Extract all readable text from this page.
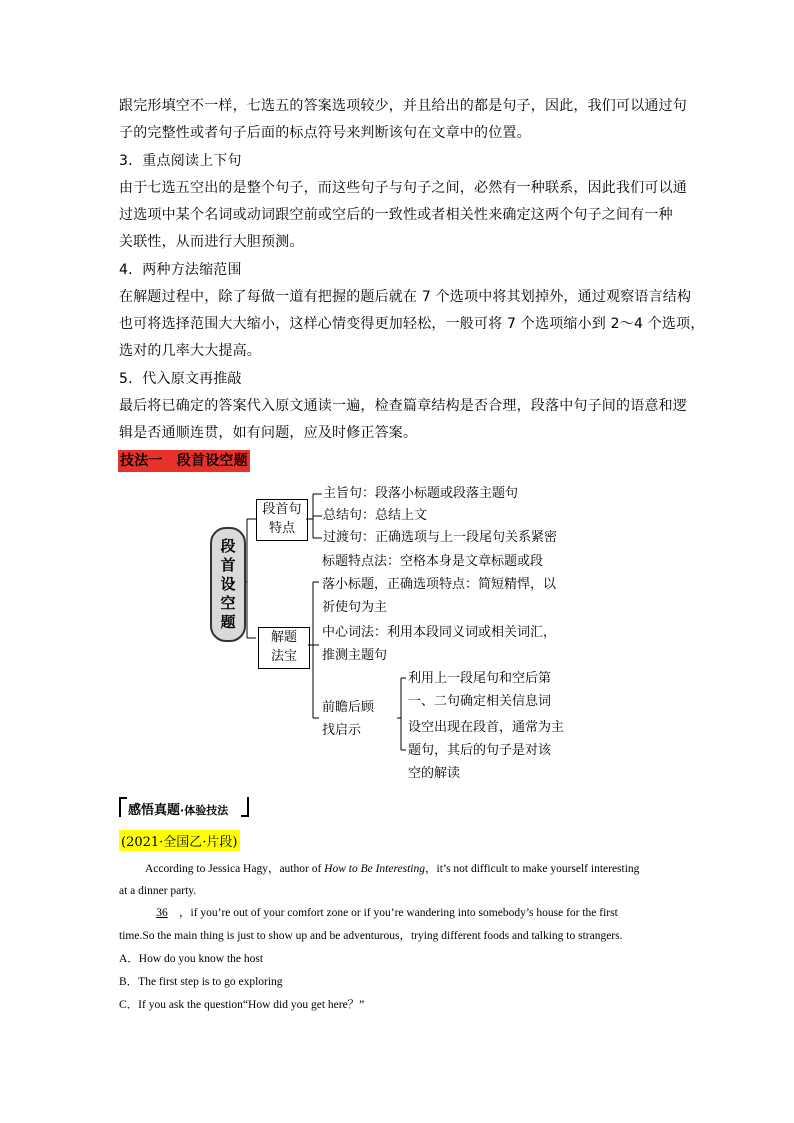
跟完形填空不一样，七选五的答案选项较少，并且给出的都是句子，因此，我们可以通过句
子的完整性或者句子后面的标点符号来判断该句在文章中的位置。
3．重点阅读上下句
由于七选五空出的是整个句子，而这些句子与句子之间，必然有一种联系，因此我们可以通
过选项中某个名词或动词跟空前或空后的一致性或者相关性来确定这两个句子之间有一种
关联性，从而进行大胆预测。
4．两种方法缩范围
在解题过程中，除了每做一道有把握的题后就在 7 个选项中将其划掉外，通过观察语言结构
也可将选择范围大大缩小，这样心情变得更加轻松，一般可将 7 个选项缩小到 2～4 个选项，
选对的几率大大提高。
5．代入原文再推敲
最后将已确定的答案代入原文通读一遍，检查篇章结构是否合理，段落中句子间的语意和逻
辑是否通顺连贯，如有问题，应及时修正答案。
技法一　段首设空题
段
首
设
空
题
段首句
特点
解题
法宝
主旨句：段落小标题或段落主题句
总结句：总结上文
过渡句：正确选项与上一段尾句关系紧密
标题特点法：空格本身是文章标题或段
落小标题，正确选项特点：简短精悍，以
祈使句为主
中心词法：利用本段同义词或相关词汇，
推测主题句
前瞻后顾
找启示
利用上一段尾句和空后第
一、二句确定相关信息词
设空出现在段首，通常为主
题句，其后的句子是对该
空的解读
感悟真题·体验技法
(2021·全国乙·片段)
According to Jessica Hagy，author of How to Be Interesting，it’s not difficult to make yourself interesting
at a dinner party.
36 ，if you’re out of your comfort zone or if you’re wandering into somebody’s house for the first
time.So the main thing is just to show up and be adventurous，trying different foods and talking to strangers.
A．How do you know the host
B．The first step is to go exploring
C．If you ask the question“How did you get here？”
